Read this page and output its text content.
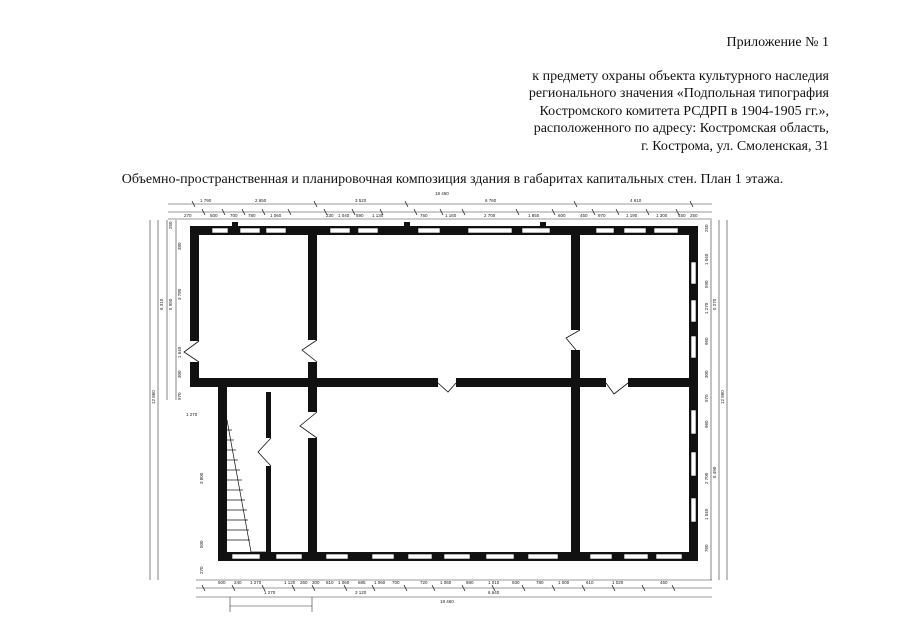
Приложение № 1
к предмету охраны объекта культурного наследия
регионального значения «Подпольная типография
Костромского комитета РСДРП в 1904-1905 гг.»,
расположенного по адресу: Костромская область,
г. Кострома, ул. Смоленская, 31
Объемно-пространственная и планировочная композиция здания в габаритах капитальных стен. План 1 этажа.
2 650
1 790	3 520	6 760	4 610
18 460
270	500	700 780	1 060	230 1 040 590 1 130	760	1 160	2 700	1 850	600	450 970	1 190	1 300 450 250
500 240 1 270	1 120 260 300 810 1 060 685 1 060 700	720	1 060	880	1 010	930	780	1 000	610	1 020	450
1 270	3 120	6 640
18 460
250
380
3 780
5 950
6 310
1 640
300
12 860	970
1 270
3 800
500
270
250
1 040
590
1 270
960
5 270
300
970
960
2 700
6 490
1 040
760
12 860
